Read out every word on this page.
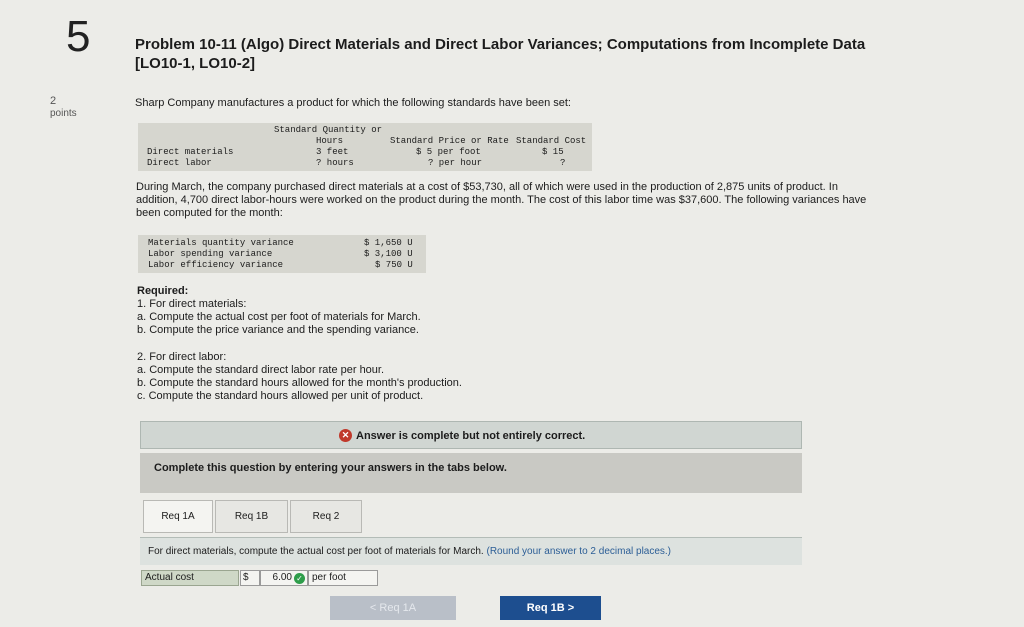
5
2
points
Problem 10-11 (Algo) Direct Materials and Direct Labor Variances; Computations from Incomplete Data [LO10-1, LO10-2]
Sharp Company manufactures a product for which the following standards have been set:
Standard Quantity or
Hours	Standard Price or Rate Standard Cost
Direct materials	3 feet	$ 5 per foot	$ 15
Direct labor	? hours	? per hour	?
During March, the company purchased direct materials at a cost of $53,730, all of which were used in the production of 2,875 units of product. In addition, 4,700 direct labor-hours were worked on the product during the month. The cost of this labor time was $37,600. The following variances have been computed for the month:
Materials quantity variance	$ 1,650 U
Labor spending variance	$ 3,100 U
Labor efficiency variance	$ 750 U
Required:
1. For direct materials:
a. Compute the actual cost per foot of materials for March.
b. Compute the price variance and the spending variance.
2. For direct labor:
a. Compute the standard direct labor rate per hour.
b. Compute the standard hours allowed for the month's production.
c. Compute the standard hours allowed per unit of product.
✕ Answer is complete but not entirely correct.
Complete this question by entering your answers in the tabs below.
Req 1A	Req 1B	Req 2
For direct materials, compute the actual cost per foot of materials for March. (Round your answer to 2 decimal places.)
Actual cost	$	6.00 ✓ per foot
< Req 1A	Req 1B >
